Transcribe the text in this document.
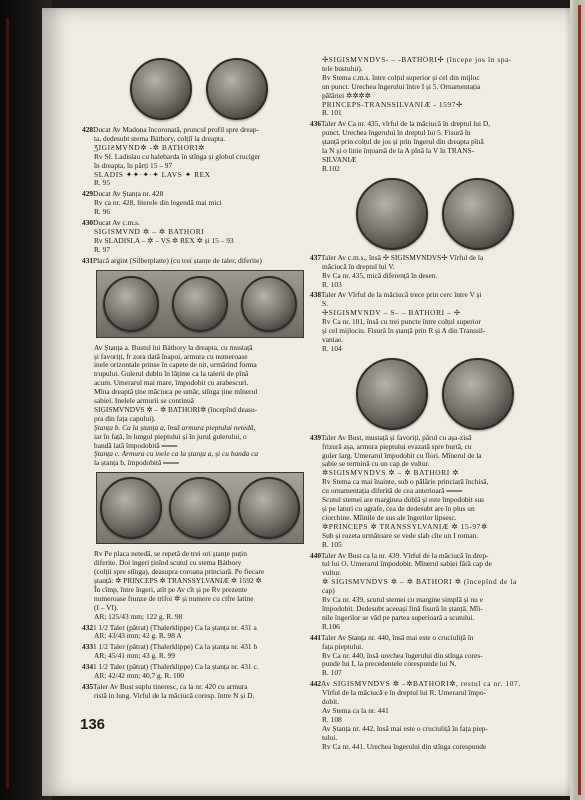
428Ducat Av Madona încoronată, pruncul profil spre dreap-

ta, dedesubt stema Báthory, colțiî la dreapta.

ƷIGIƧMVND✲ -✲ BATHORI✲

Rv Sf. Ladislau cu halebarda în stînga și globul cruciger

în dreapta, în părți 15 – 97

SLADIS ✦✦·✦·✦ LAVS ✦ REX

R. 95

429Ducat Av Ștanța nr. 428

Rv ca nr. 428, literele din legendă mai mici

R. 96

430Ducat Av c.m.s.

SIGISMVND ✲ – ✲ BATHORI

Rv SLADISLA – ✲ – VS ✲ REX ✲ și 15 – 93

R. 97

431Placă argint (Silberplatte) (cu trei ștanțe de taler, diferite)

Av Ștanța a. Bustul lui Báthory la dreapta, cu mustață

și favoriți, fr zora dată înapoi, armura cu numeroase

inele orizontale prinse în capete de nit, urmărind forma

trupului. Gulerul dublu în lățime ca la talerii de pînă

acum. Umerarul mai mare, împodobit cu arabescuri.

Mîna dreaptă ține măciuca pe umăr, stînga ține mînerul

sabiei. Inelele armurii se continuă

SIGISMVNDVS ✲ – ✲ BATHORI✲ (începînd deasu-

pra din fața capului).

Ștanța b. Ca la ștanța a, însă armura pieptului netedă,

iar în față, în lungul pieptului și în jurul gulerului, o

bandă lată împodobită ═══

Ștanța c. Armura cu inele ca la ștanța a, și cu banda ca

la ștanța b, împodobită ═══

Rv Pe placa netedă, se repetă de trei ori ștanțe puțin

diferite. Doi ingeri ținînd scutul cu stema Báthory

(colții spre stînga), deasupra coroana princiară. Pe fiecare

ștanță: ✲ PRINCEPS ✲ TRANSSYLVANIÆ ✲ 1592 ✲

În cîmp, între îngeri, atît pe Av cît și pe Rv prezente

numeroase frunze de trifoi ✲ și numere cu cifre latine

(I – VI).

AR; 125/43 mm; 122 g. R. 98

4321 1/2 Taler (pătrat) (Thalerklippe) Ca la ștanța nr. 431 a

AR; 43/43 mm; 42 g. R. 98 A

4331 1/2 Taler (pătrat) (Thalerklippe) Ca la ștanța nr. 431 b

AR; 45/41 mm; 43 g. R. 99

4341 1/2 Taler (pătrat) (Thalerklippe) Ca la ștanța nr. 431 c.

AR; 42/42 mm; 40,7 g. R. 100

435Taler Av Bust suplu tineresc, ca la nr. 420 cu armura

ristă in lung. Virful de la măciucă coresp. între N și D.

136

✢SIGISMVNDVS- – -BATHORI✢ (începe jos în spa-

tele bustului).

Rv Stema c.m.s. între colțul superior și cel din mijloc

un punct. Urechea îngerului între I și 5. Ornamentația

pălăriei ✲✲✲✲

PRINCEPS-TRANSSILVANIÆ - 1597✢

R. 101

436Taler Av Ca nr. 435, vîrful de la măciucă în dreptul lui D,

punct. Urechea îngerului în dreptul lui 5. Fisură în

ștanță prin colțul de jos și prin îngerul din dreapta pînă

la N și o linie înțoarsă de la A pînă la V în TRANS-

SILVANIÆ

R.102

437Taler Av c.m.s., însă ✢ SIGISMVNDVS✢ Vîrful de la

măciucă în dreptul lui V.

Rv Ca nr. 435, mică diferență în desen.

R. 103

438Taler Av Vîrful de la măciucă trece prin cerc între V și

S.

✢SIGISMVNDV – S– – BATHORI – ✢

Rv Ca nr. 101, însă cu trei puncte între colțul superior

și cel mijlociu. Fisură în ștanță prin R și A din Transsil-

vaniae.

R. 104

439Taler Av Bust, mustață și favoriți, părul cu așa-zisă

frizură așa, armura pieptului evazată spre burtă, cu

guler larg. Umerarul împodobit cu flori. Mînerul de la

sabie se termină cu un cap de vultur.

✲SIGISMVNDVS ✲ – ✲ BATHORI ✲

Rv Stema ca mai înainte, sub o pălărie princiară închisă,

cu ornamentația diferită de cea anterioară ═══

Scutul stemei are marginea dublă și este împodobit sus

și pe laturi cu agrafe, cea de dedesubt are în plus un

ciorchine. Mîinile de sus ale îngerilor lipsesc.

✲PRINCEPS ✲ TRANSSYLVANIÆ ✲ 15-97✲

Sub și rozeta următoare se vede slab cîte un I roman.

R. 105

440Taler Av Bust ca la nr. 439. Vîrful de la măciucă în drep-

tul lui O. Umerarul împodobit. Mînerul sabiei fără cap de

vultur.

✲ SIGISMVNDVS ✲ – ✲ BATHORI ✲ (începînd de la

cap)

Rv Ca nr. 439, scutul stemei cu margine simplă și nu e

împodobit. Dedesubt aceeași fină fisură în ștanță. Mîi-

nile îngerilor se văd pe partea superioară a scutului.

R.106

441Taler Av Ștanța nr. 440, însă mai este o cruciuliță în

fața pieptului.

Rv Ca nr. 440, însă urechea îngerului din stînga cores-

punde lui I, la precedentele corespunde lui N.

R. 107

442Av SIGISMVNDVS ✲ –✲BATHORI✲, restul ca nr. 107.

Vîrful de la măciucă e în dreptul lui R. Umerarul împo-

dobit.

Av Stema ca la nr. 441

R. 108

Av Ștanța nr. 442, însă mai este o cruciuliță în fața piep-

tului.

Rv Ca nr. 441. Urechea îngerului din stînga corespunde
